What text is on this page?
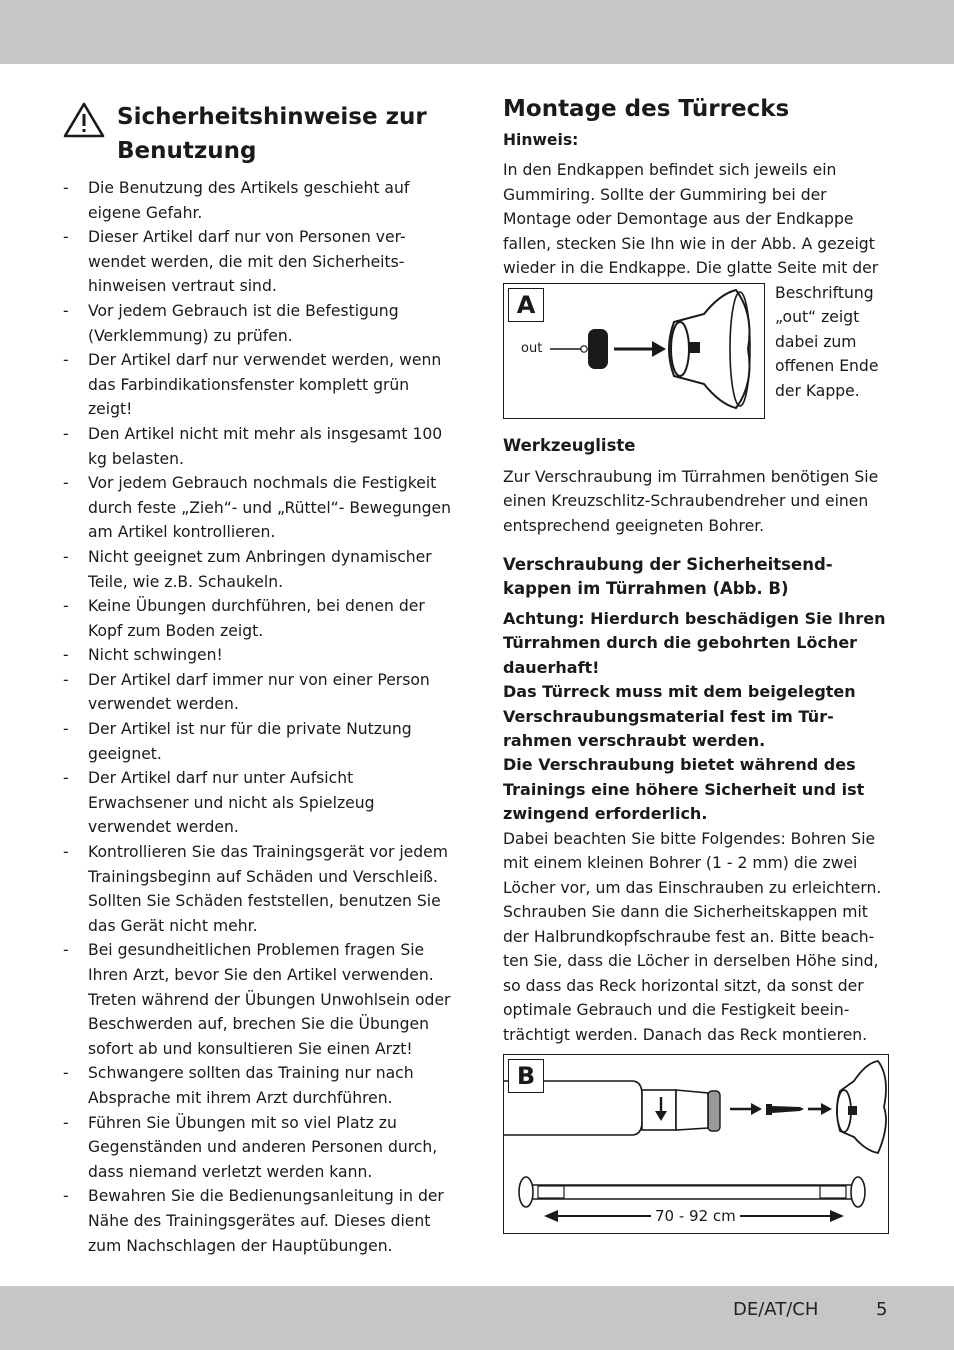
Sicherheitshinweise zur Benutzung
- Die Benutzung des Artikels geschieht auf eigene Gefahr.
- Dieser Artikel darf nur von Personen ver-wendet werden, die mit den Sicherheits-hinweisen vertraut sind.
- Vor jedem Gebrauch ist die Befestigung (Verklemmung) zu prüfen.
- Der Artikel darf nur verwendet werden, wenn das Farbindikationsfenster komplett grün zeigt!
- Den Artikel nicht mit mehr als insgesamt 100 kg belasten.
- Vor jedem Gebrauch nochmals die Festigkeit durch feste „Zieh“- und „Rüttel“- Bewegungen am Artikel kontrollieren.
- Nicht geeignet zum Anbringen dynamischer Teile, wie z.B. Schaukeln.
- Keine Übungen durchführen, bei denen der Kopf zum Boden zeigt.
- Nicht schwingen!
- Der Artikel darf immer nur von einer Person verwendet werden.
- Der Artikel ist nur für die private Nutzung geeignet.
- Der Artikel darf nur unter Aufsicht Erwachsener und nicht als Spielzeug verwendet werden.
- Kontrollieren Sie das Trainingsgerät vor jedem Trainingsbeginn auf Schäden und Verschleiß. Sollten Sie Schäden feststellen, benutzen Sie das Gerät nicht mehr.
- Bei gesundheitlichen Problemen fragen Sie Ihren Arzt, bevor Sie den Artikel verwenden. Treten während der Übungen Unwohlsein oder Beschwerden auf, brechen Sie die Übungen sofort ab und konsultieren Sie einen Arzt!
- Schwangere sollten das Training nur nach Absprache mit ihrem Arzt durchführen.
- Führen Sie Übungen mit so viel Platz zu Gegenständen und anderen Personen durch, dass niemand verletzt werden kann.
- Bewahren Sie die Bedienungsanleitung in der Nähe des Trainingsgerätes auf. Dieses dient zum Nachschlagen der Hauptübungen.
Montage des Türrecks
Hinweis:
In den Endkappen befindet sich jeweils ein Gummiring. Sollte der Gummiring bei der Montage oder Demontage aus der Endkappe fallen, stecken Sie Ihn wie in der Abb. A gezeigt wieder in die Endkappe. Die glatte Seite mit der
A
out
Beschriftung „out“ zeigt dabei zum offenen Ende der Kappe.
Werkzeugliste
Zur Verschraubung im Türrahmen benötigen Sie einen Kreuzschlitz-Schraubendreher und einen entsprechend geeigneten Bohrer.
Verschraubung der Sicherheitsend-kappen im Türrahmen (Abb. B)
Achtung: Hierdurch beschädigen Sie Ihren Türrahmen durch die gebohrten Löcher dauerhaft!
Das Türreck muss mit dem beigelegten Verschraubungsmaterial fest im Tür-rahmen verschraubt werden.
Die Verschraubung bietet während des Trainings eine höhere Sicherheit und ist zwingend erforderlich.
Dabei beachten Sie bitte Folgendes: Bohren Sie mit einem kleinen Bohrer (1 - 2 mm) die zwei Löcher vor, um das Einschrauben zu erleichtern. Schrauben Sie dann die Sicherheitskappen mit der Halbrundkopfschraube fest an. Bitte beach-ten Sie, dass die Löcher in derselben Höhe sind, so dass das Reck horizontal sitzt, da sonst der optimale Gebrauch und die Festigkeit beein-trächtigt werden. Danach das Reck montieren.
B
70 - 92 cm
DE/AT/CH	5
